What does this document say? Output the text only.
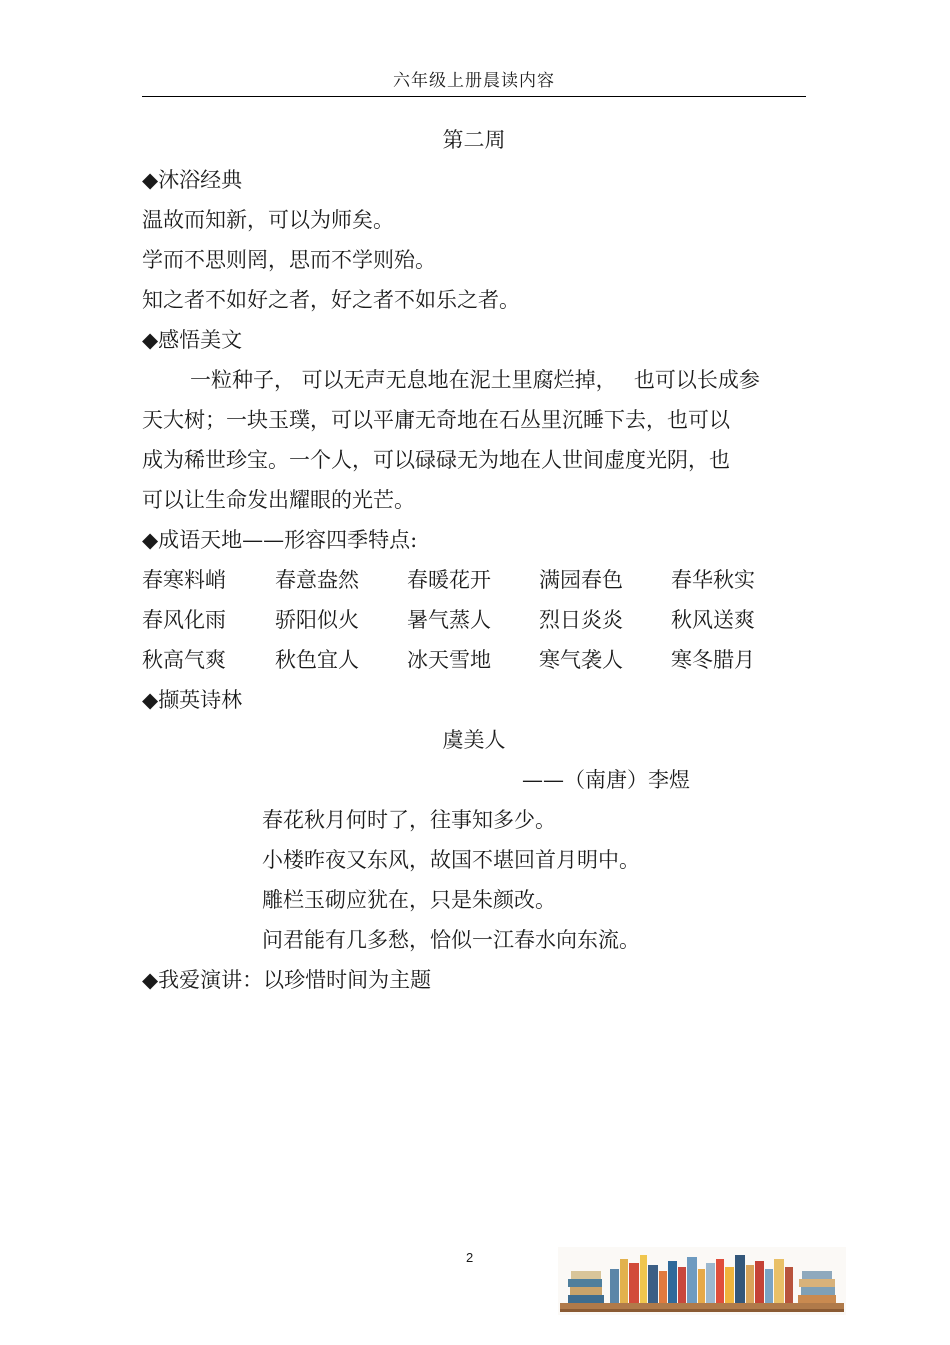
六年级上册晨读内容
第二周
◆沐浴经典
温故而知新，可以为师矣。
学而不思则罔，思而不学则殆。
知之者不如好之者，好之者不如乐之者。
◆感悟美文
一粒种子， 可以无声无息地在泥土里腐烂掉，　 也可以长成参
天大树；一块玉璞，可以平庸无奇地在石丛里沉睡下去，也可以
成为稀世珍宝。一个人，可以碌碌无为地在人世间虚度光阴，也
可以让生命发出耀眼的光芒。
◆成语天地——形容四季特点:
春寒料峭 春意盎然 春暖花开 满园春色 春华秋实
春风化雨 骄阳似火 暑气蒸人 烈日炎炎 秋风送爽
秋高气爽 秋色宜人 冰天雪地 寒气袭人 寒冬腊月
◆撷英诗林
虞美人
——（南唐）李煜
春花秋月何时了，往事知多少。
小楼昨夜又东风，故国不堪回首月明中。
雕栏玉砌应犹在，只是朱颜改。
问君能有几多愁，恰似一江春水向东流。
◆我爱演讲：以珍惜时间为主题
2
